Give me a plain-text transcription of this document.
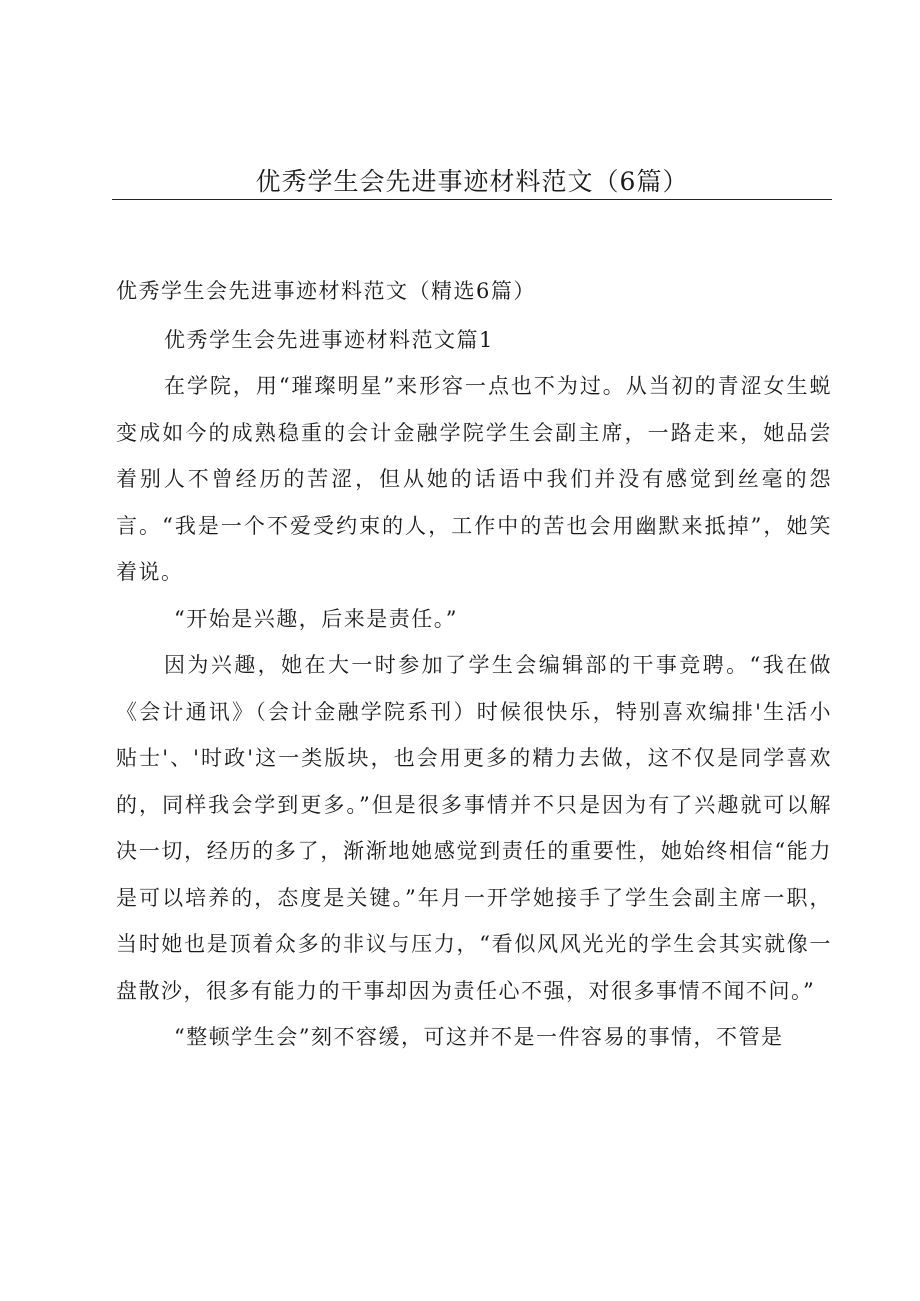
优秀学生会先进事迹材料范文（6篇）

优秀学生会先进事迹材料范文（精选6篇）

优秀学生会先进事迹材料范文篇1

在学院，用“璀璨明星”来形容一点也不为过。从当初的青涩女生蜕变成如今的成熟稳重的会计金融学院学生会副主席，一路走来，她品尝着别人不曾经历的苦涩，但从她的话语中我们并没有感觉到丝毫的怨言。“我是一个不爱受约束的人，工作中的苦也会用幽默来抵掉”，她笑着说。

“开始是兴趣，后来是责任。”

因为兴趣，她在大一时参加了学生会编辑部的干事竞聘。“我在做《会计通讯》（会计金融学院系刊）时候很快乐，特别喜欢编排'生活小贴士'、'时政'这一类版块，也会用更多的精力去做，这不仅是同学喜欢的，同样我会学到更多。”但是很多事情并不只是因为有了兴趣就可以解决一切，经历的多了，渐渐地她感觉到责任的重要性，她始终相信“能力是可以培养的，态度是关键。”年月一开学她接手了学生会副主席一职，当时她也是顶着众多的非议与压力，“看似风风光光的学生会其实就像一盘散沙，很多有能力的干事却因为责任心不强，对很多事情不闻不问。”

“整顿学生会”刻不容缓，可这并不是一件容易的事情，不管是
